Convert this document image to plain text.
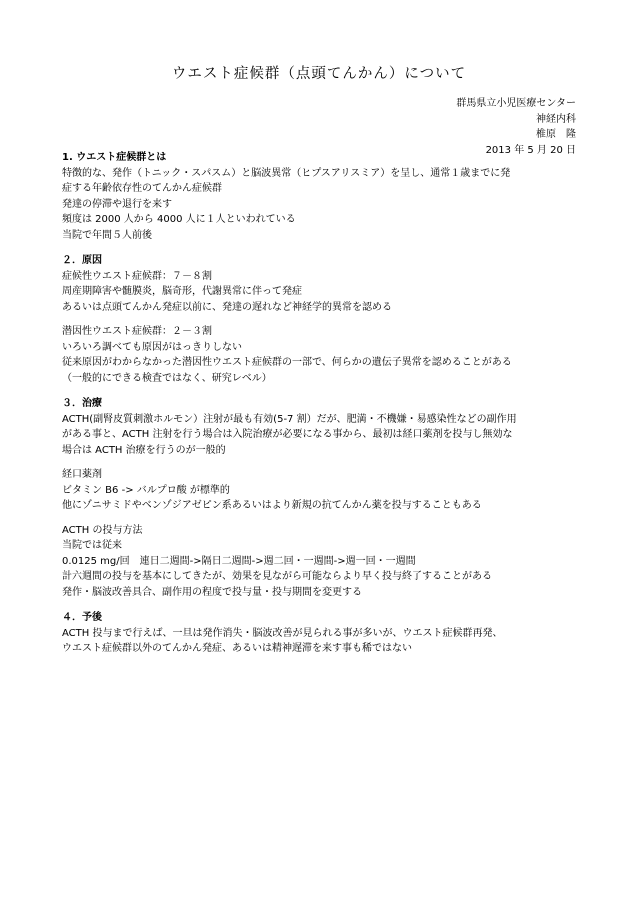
ウエスト症候群（点頭てんかん）について
群馬県立小児医療センター
神経内科
椎原　隆
2013 年 5 月 20 日
1. ウエスト症候群とは
特徴的な、発作（トニック・スパスム）と脳波異常（ヒプスアリスミア）を呈し、通常１歳までに発
症する年齢依存性のてんかん症候群
発達の停滞や退行を来す
頻度は 2000 人から 4000 人に１人といわれている
当院で年間５人前後
２．原因
症候性ウエスト症候群：７－８割
周産期障害や髄膜炎，脳奇形，代謝異常に伴って発症
あるいは点頭てんかん発症以前に、発達の遅れなど神経学的異常を認める
潜因性ウエスト症候群：２－３割
いろいろ調べても原因がはっきりしない
従来原因がわからなかった潜因性ウエスト症候群の一部で、何らかの遺伝子異常を認めることがある
（一般的にできる検査ではなく、研究レベル）
３．治療
ACTH(副腎皮質刺激ホルモン）注射が最も有効(5-7 割）だが、肥満・不機嫌・易感染性などの副作用
がある事と、ACTH 注射を行う場合は入院治療が必要になる事から、最初は経口薬剤を投与し無効な
場合は ACTH 治療を行うのが一般的
経口薬剤
ビタミン B6 -> バルプロ酸 が標準的
他にゾニサミドやベンゾジアゼピン系あるいはより新規の抗てんかん薬を投与することもある
ACTH の投与方法
当院では従来
0.0125 mg/回　連日二週間->隔日二週間->週二回・一週間->週一回・一週間
計六週間の投与を基本にしてきたが、効果を見ながら可能ならより早く投与終了することがある
発作・脳波改善具合、副作用の程度で投与量・投与期間を変更する
４．予後
ACTH 投与まで行えば、一旦は発作消失・脳波改善が見られる事が多いが、ウエスト症候群再発、
ウエスト症候群以外のてんかん発症、あるいは精神遅滞を来す事も稀ではない
